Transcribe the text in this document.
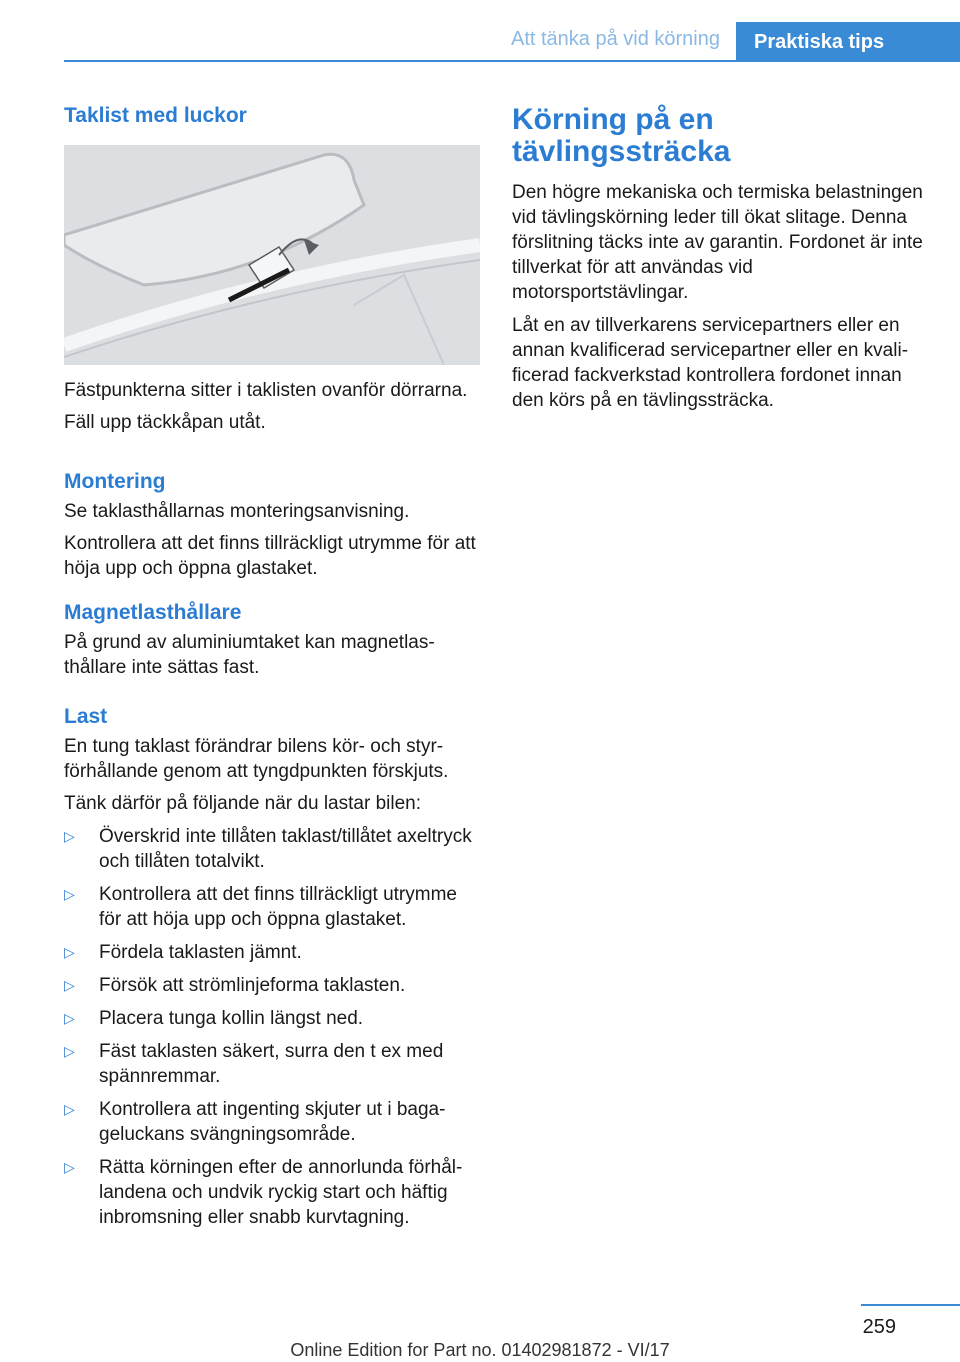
Att tänka på vid körning	Praktiska tips
Taklist med luckor

Fästpunkterna sitter i taklisten ovanför dörrarna.

Fäll upp täckkåpan utåt.

Montering

Se taklasthållarnas monteringsanvisning.

Kontrollera att det finns tillräckligt utrymme för att höja upp och öppna glastaket.

Magnetlasthållare

På grund av aluminiumtaket kan magnetlasthållare inte sättas fast.

Last

En tung taklast förändrar bilens kör- och styrförhållande genom att tyngdpunkten förskjuts.

Tänk därför på följande när du lastar bilen:

▷ Överskrid inte tillåten taklast/tillåtet axeltryck och tillåten totalvikt.
▷ Kontrollera att det finns tillräckligt utrymme för att höja upp och öppna glastaket.
▷ Fördela taklasten jämnt.
▷ Försök att strömlinjeforma taklasten.
▷ Placera tunga kollin längst ned.
▷ Fäst taklasten säkert, surra den t ex med spännremmar.
▷ Kontrollera att ingenting skjuter ut i bagageluckans svängningsområde.
▷ Rätta körningen efter de annorlunda förhållandena och undvik ryckig start och häftig inbromsning eller snabb kurvtagning.
Körning på en tävlingssträcka

Den högre mekaniska och termiska belastningen vid tävlingskörning leder till ökat slitage. Denna förslitning täcks inte av garantin. Fordonet är inte tillverkat för att användas vid motorsportstävlingar.

Låt en av tillverkarens servicepartners eller en annan kvalificerad servicepartner eller en kvalificerad fackverkstad kontrollera fordonet innan den körs på en tävlingssträcka.

259
Online Edition for Part no. 01402981872 - VI/17
